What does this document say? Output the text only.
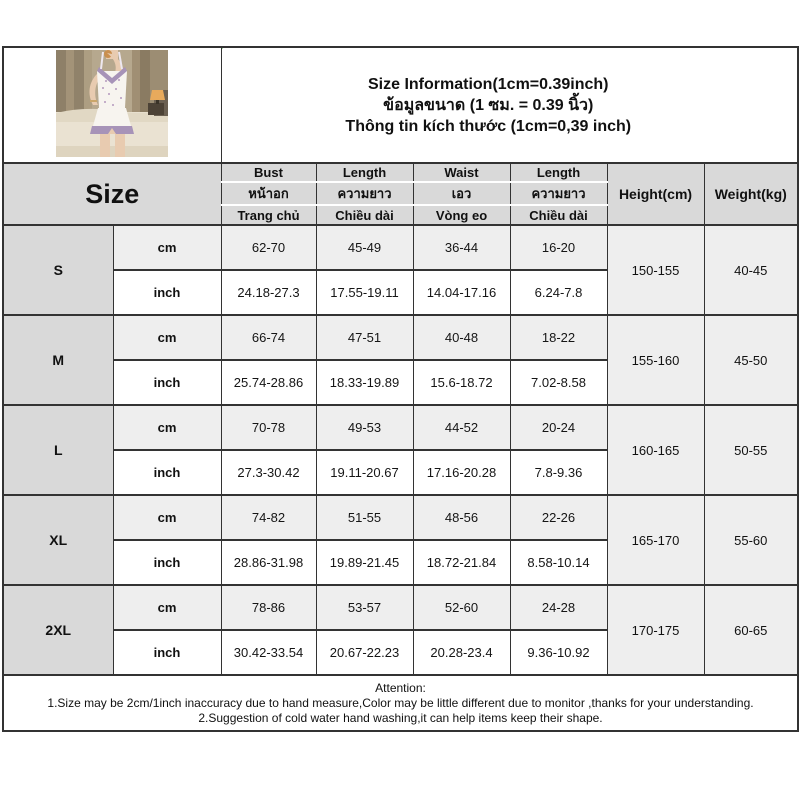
Size Information(1cm=0.39inch)
ข้อมูลขนาด (1 ซม. = 0.39 นิ้ว)
Thông tin kích thước (1cm=0,39 inch)					

Size		Bust	Length	Waist	Length	Height(cm)	Weight(kg)
		หน้าอก	ความยาว	เอว	ความยาว		
		Trang chủ	Chiều dài	Vòng eo	Chiều dài		
S	cm	62-70	45-49	36-44	16-20	150-155	40-45
	inch	24.18-27.3	17.55-19.11	14.04-17.16	6.24-7.8		
M	cm	66-74	47-51	40-48	18-22	155-160	45-50
	inch	25.74-28.86	18.33-19.89	15.6-18.72	7.02-8.58		
L	cm	70-78	49-53	44-52	20-24	160-165	50-55
	inch	27.3-30.42	19.11-20.67	17.16-20.28	7.8-9.36		
XL	cm	74-82	51-55	48-56	22-26	165-170	55-60
	inch	28.86-31.98	19.89-21.45	18.72-21.84	8.58-10.14		
2XL	cm	78-86	53-57	52-60	24-28	170-175	60-65
	inch	30.42-33.54	20.67-22.23	20.28-23.4	9.36-10.92		

Attention:
1.Size may be 2cm/1inch inaccuracy due to hand measure,Color may be little different due to monitor ,thanks for your understanding.
2.Suggestion of cold water hand washing,it can help items keep their shape.							
